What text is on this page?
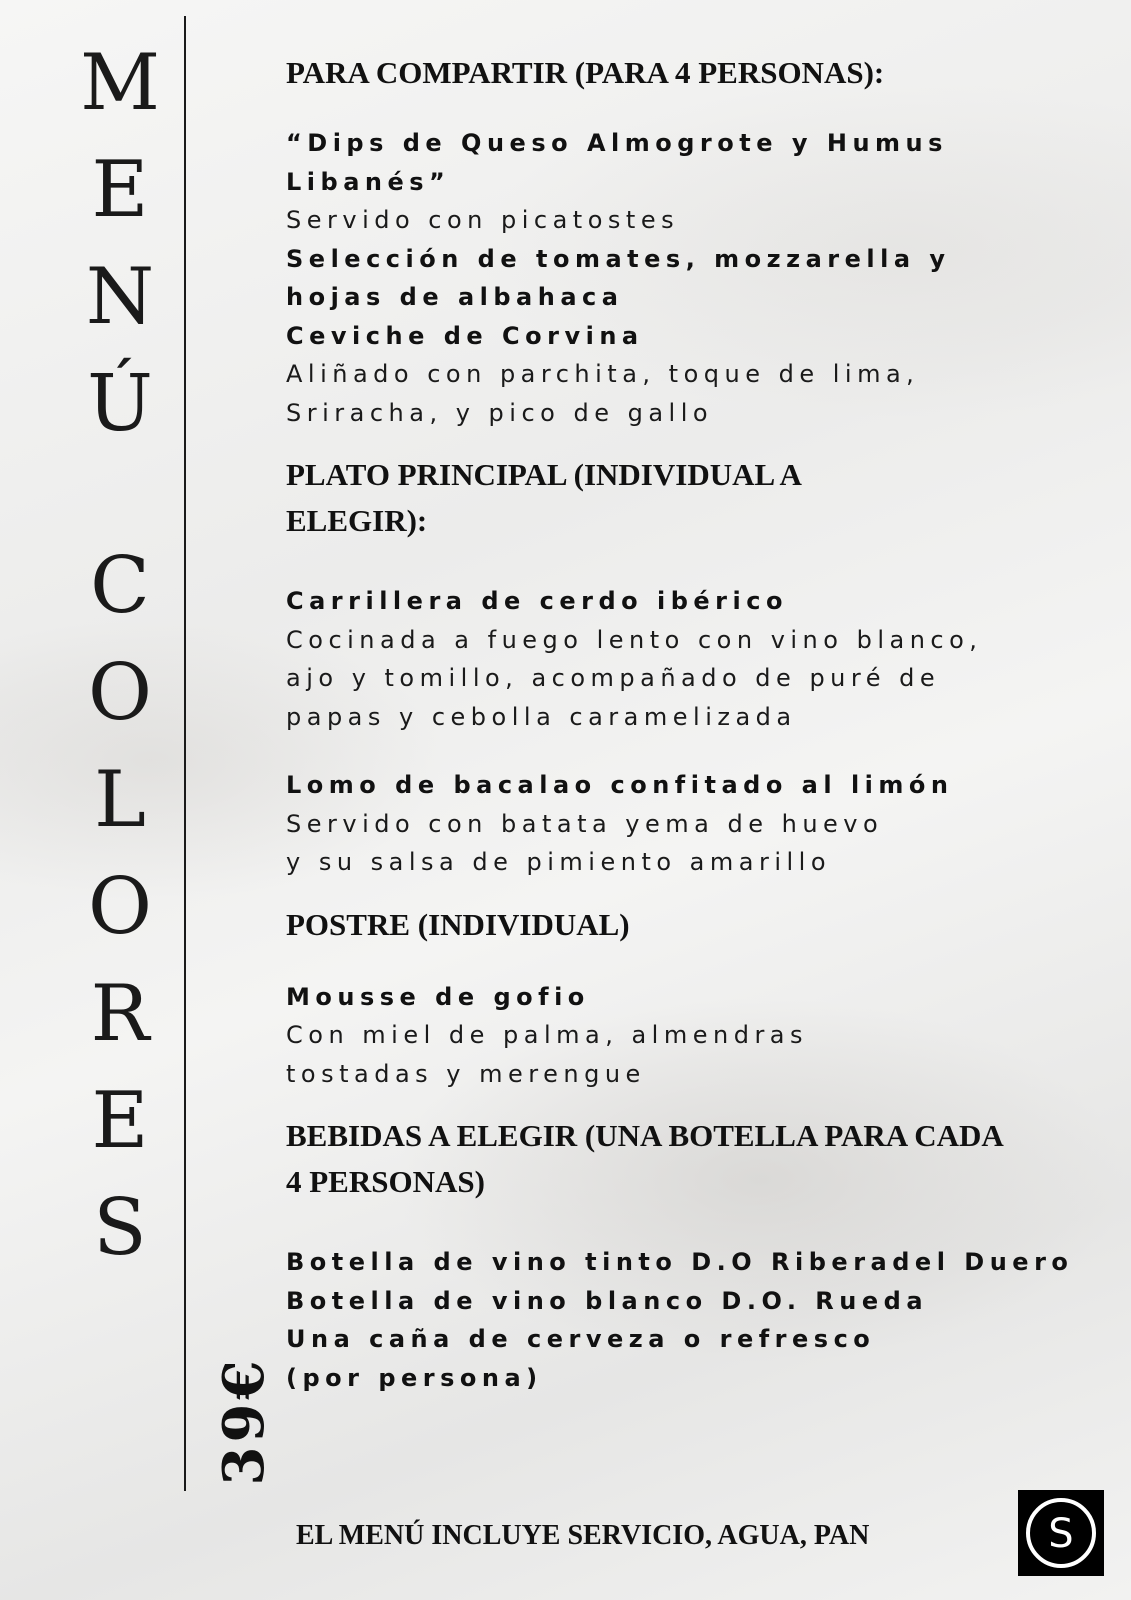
M
E
N
Ú
C
O
L
O
R
E
S
39€

PARA COMPARTIR (PARA 4 PERSONAS):

“Dips de Queso Almogrote y Humus

Libanés”

Servido con picatostes

Selección de tomates, mozzarella y

hojas de albahaca

Ceviche de Corvina

Aliñado con parchita, toque de lima,

Sriracha, y pico de gallo

PLATO PRINCIPAL (INDIVIDUAL A

ELEGIR):

Carrillera de cerdo ibérico

Cocinada a fuego lento con vino blanco,

ajo y tomillo, acompañado de puré de

papas y cebolla caramelizada

Lomo de bacalao confitado al limón

Servido con batata yema de huevo

y su salsa de pimiento amarillo

POSTRE (INDIVIDUAL)

Mousse de gofio

Con miel de palma, almendras

tostadas y merengue

BEBIDAS A ELEGIR (UNA BOTELLA PARA CADA

4 PERSONAS)

Botella de vino tinto D.O Riberadel Duero

Botella de vino blanco D.O. Rueda

Una caña de cerveza o refresco

(por persona)

EL MENÚ INCLUYE SERVICIO, AGUA, PAN	S
